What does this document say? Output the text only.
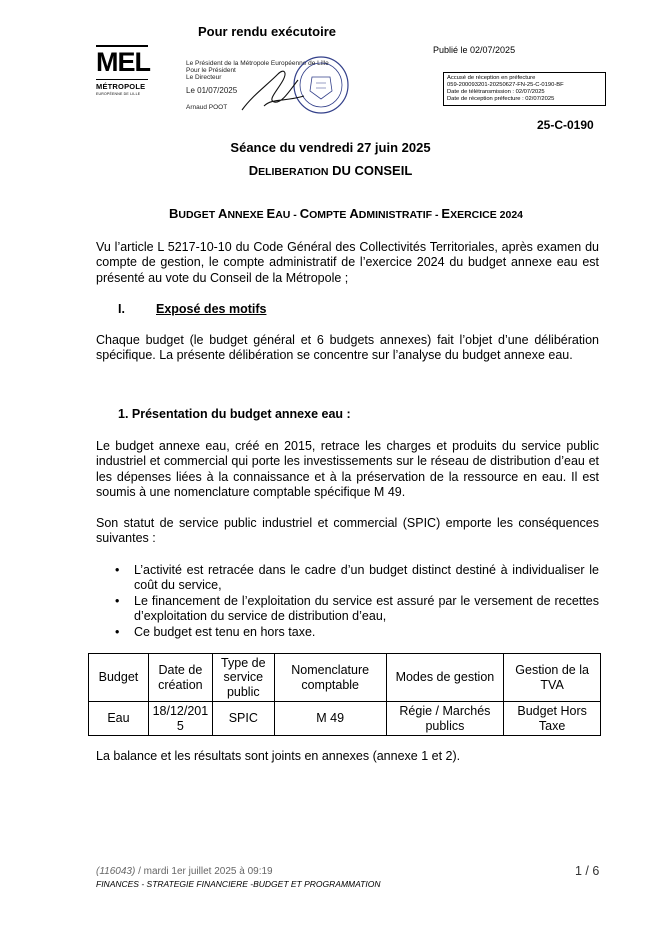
Pour rendu exécutoire
Publié le 02/07/2025
MEL
MÉTROPOLE
EUROPÉENNE DE LILLE
Le Président de la Métropole Européenne de Lille
Pour le Président
Le Directeur
Le 01/07/2025
Arnaud POOT
Accusé de réception en préfecture
059-200093201-20250627-FN-25-C-0190-BF
Date de télétransmission : 02/07/2025
Date de réception préfecture : 02/07/2025
25-C-0190
Séance du vendredi 27 juin 2025
DELIBERATION DU CONSEIL
BUDGET ANNEXE EAU - COMPTE ADMINISTRATIF - EXERCICE 2024
Vu l’article L 5217-10-10 du Code Général des Collectivités Territoriales, après examen du compte de gestion, le compte administratif de l’exercice 2024 du budget annexe eau est présenté au vote du Conseil de la Métropole ;
I. Exposé des motifs
Chaque budget (le budget général et 6 budgets annexes) fait l’objet d’une délibération spécifique. La présente délibération se concentre sur l’analyse du budget annexe eau.
1. Présentation du budget annexe eau :
Le budget annexe eau, créé en 2015, retrace les charges et produits du service public industriel et commercial qui porte les investissements sur le réseau de distribution d’eau et les dépenses liées à la connaissance et à la préservation de la ressource en eau. Il est soumis à une nomenclature comptable spécifique M 49.
Son statut de service public industriel et commercial (SPIC) emporte les conséquences suivantes :
• L’activité est retracée dans le cadre d’un budget distinct destiné à individualiser le coût du service,
• Le financement de l’exploitation du service est assuré par le versement de recettes d’exploitation du service de distribution d’eau,
• Ce budget est tenu en hors taxe.
Budget	Date de création	Type de service public	Nomenclature comptable	Modes de gestion	Gestion de la TVA
Eau	18/12/2015	SPIC	M 49	Régie / Marchés publics	Budget Hors Taxe
La balance et les résultats sont joints en annexes (annexe 1 et 2).
(116043) / mardi 1er juillet 2025 à 09:19	1 / 6
FINANCES - STRATEGIE FINANCIERE -BUDGET ET PROGRAMMATION
